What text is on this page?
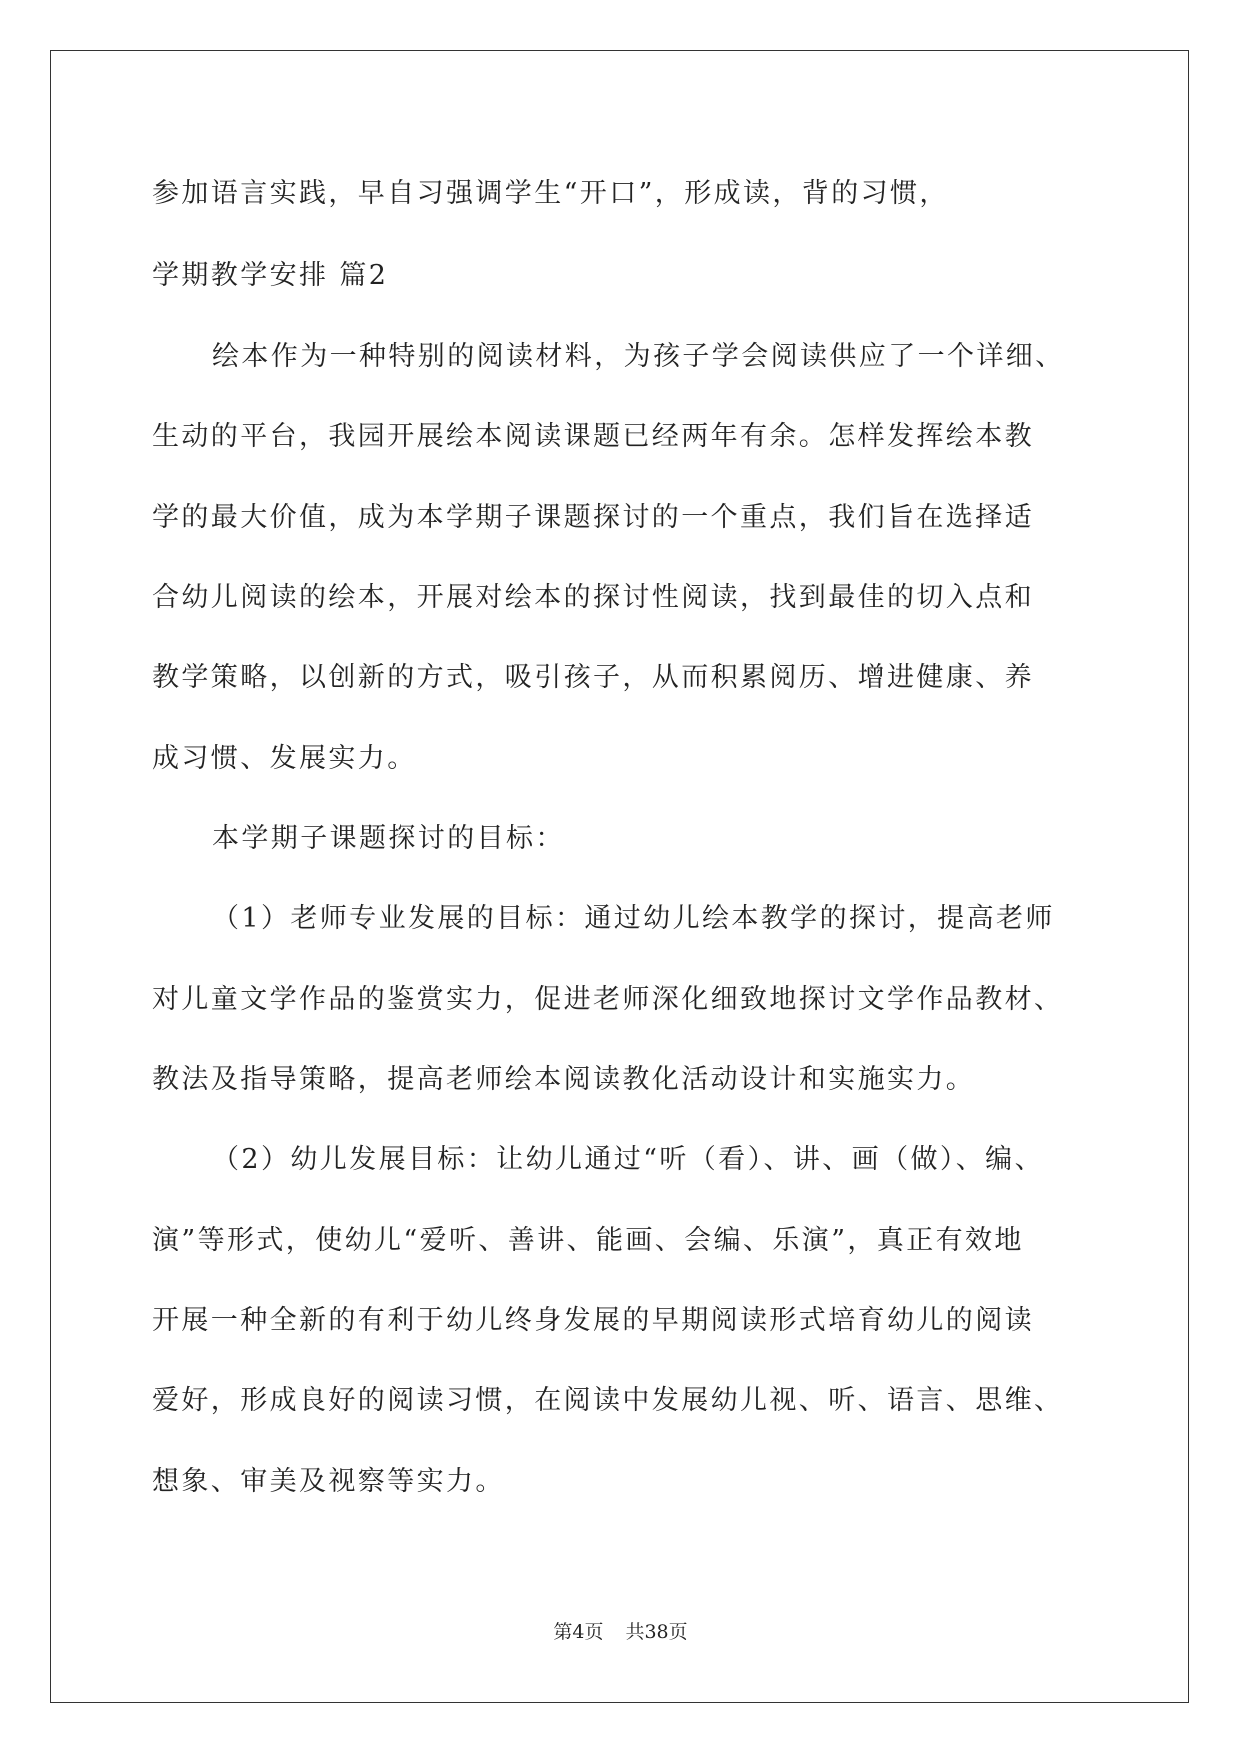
参加语言实践，早自习强调学生“开口”，形成读，背的习惯，
学期教学安排 篇2
绘本作为一种特别的阅读材料，为孩子学会阅读供应了一个详细、
生动的平台，我园开展绘本阅读课题已经两年有余。怎样发挥绘本教
学的最大价值，成为本学期子课题探讨的一个重点，我们旨在选择适
合幼儿阅读的绘本，开展对绘本的探讨性阅读，找到最佳的切入点和
教学策略，以创新的方式，吸引孩子，从而积累阅历、增进健康、养
成习惯、发展实力。
本学期子课题探讨的目标：
（1）老师专业发展的目标：通过幼儿绘本教学的探讨，提高老师
对儿童文学作品的鉴赏实力，促进老师深化细致地探讨文学作品教材、
教法及指导策略，提高老师绘本阅读教化活动设计和实施实力。
（2）幼儿发展目标：让幼儿通过“听（看）、讲、画（做）、编、
演”等形式，使幼儿“爱听、善讲、能画、会编、乐演”，真正有效地
开展一种全新的有利于幼儿终身发展的早期阅读形式培育幼儿的阅读
爱好，形成良好的阅读习惯，在阅读中发展幼儿视、听、语言、思维、
想象、审美及视察等实力。
第4页 共38页
